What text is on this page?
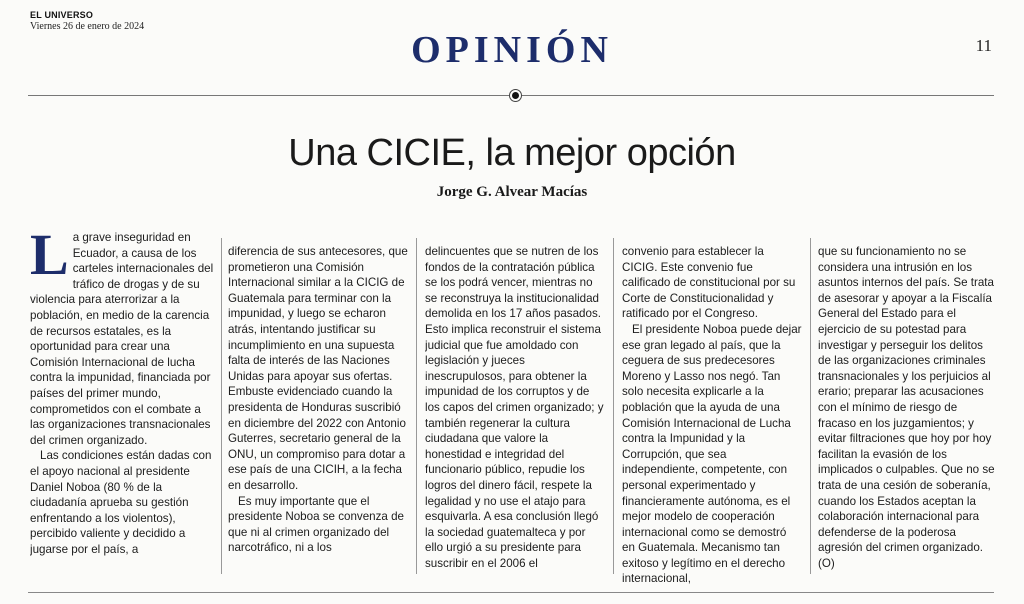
EL UNIVERSO
Viernes 26 de enero de 2024
OPINIÓN	11
Una CICIE, la mejor opción
Jorge G. Alvear Macías

La grave inseguridad en Ecuador, a causa de los carteles internacionales del tráfico de drogas y de su violencia para aterrorizar a la población, en medio de la carencia de recursos estatales, es la oportunidad para crear una Comisión Internacional de lucha contra la impunidad, financiada por países del primer mundo, comprometidos con el combate a las organizaciones transnacionales del crimen organizado.

Las condiciones están dadas con el apoyo nacional al presidente Daniel Noboa (80 % de la ciudadanía aprueba su gestión enfrentando a los violentos), percibido valiente y decidido a jugarse por el país, a

diferencia de sus antecesores, que prometieron una Comisión Internacional similar a la CICIG de Guatemala para terminar con la impunidad, y luego se echaron atrás, intentando justificar su incumplimiento en una supuesta falta de interés de las Naciones Unidas para apoyar sus ofertas. Embuste evidenciado cuando la presidenta de Honduras suscribió en diciembre del 2022 con Antonio Guterres, secretario general de la ONU, un compromiso para dotar a ese país de una CICIH, a la fecha en desarrollo.

Es muy importante que el presidente Noboa se convenza de que ni al crimen organizado del narcotráfico, ni a los

delincuentes que se nutren de los fondos de la contratación pública se los podrá vencer, mientras no se reconstruya la institucionalidad demolida en los 17 años pasados. Esto implica reconstruir el sistema judicial que fue amoldado con legislación y jueces inescrupulosos, para obtener la impunidad de los corruptos y de los capos del crimen organizado; y también regenerar la cultura ciudadana que valore la honestidad e integridad del funcionario público, repudie los logros del dinero fácil, respete la legalidad y no use el atajo para esquivarla. A esa conclusión llegó la sociedad guatemalteca y por ello urgió a su presidente para suscribir en el 2006 el

convenio para establecer la CICIG. Este convenio fue calificado de constitucional por su Corte de Constitucionalidad y ratificado por el Congreso.

El presidente Noboa puede dejar ese gran legado al país, que la ceguera de sus predecesores Moreno y Lasso nos negó. Tan solo necesita explicarle a la población que la ayuda de una Comisión Internacional de Lucha contra la Impunidad y la Corrupción, que sea independiente, competente, con personal experimentado y financieramente autónoma, es el mejor modelo de cooperación internacional como se demostró en Guatemala. Mecanismo tan exitoso y legítimo en el derecho internacional,

que su funcionamiento no se considera una intrusión en los asuntos internos del país. Se trata de asesorar y apoyar a la Fiscalía General del Estado para el ejercicio de su potestad para investigar y perseguir los delitos de las organizaciones criminales transnacionales y los perjuicios al erario; preparar las acusaciones con el mínimo de riesgo de fracaso en los juzgamientos; y evitar filtraciones que hoy por hoy facilitan la evasión de los implicados o culpables. Que no se trata de una cesión de soberanía, cuando los Estados aceptan la colaboración internacional para defenderse de la poderosa agresión del crimen organizado. (O)
